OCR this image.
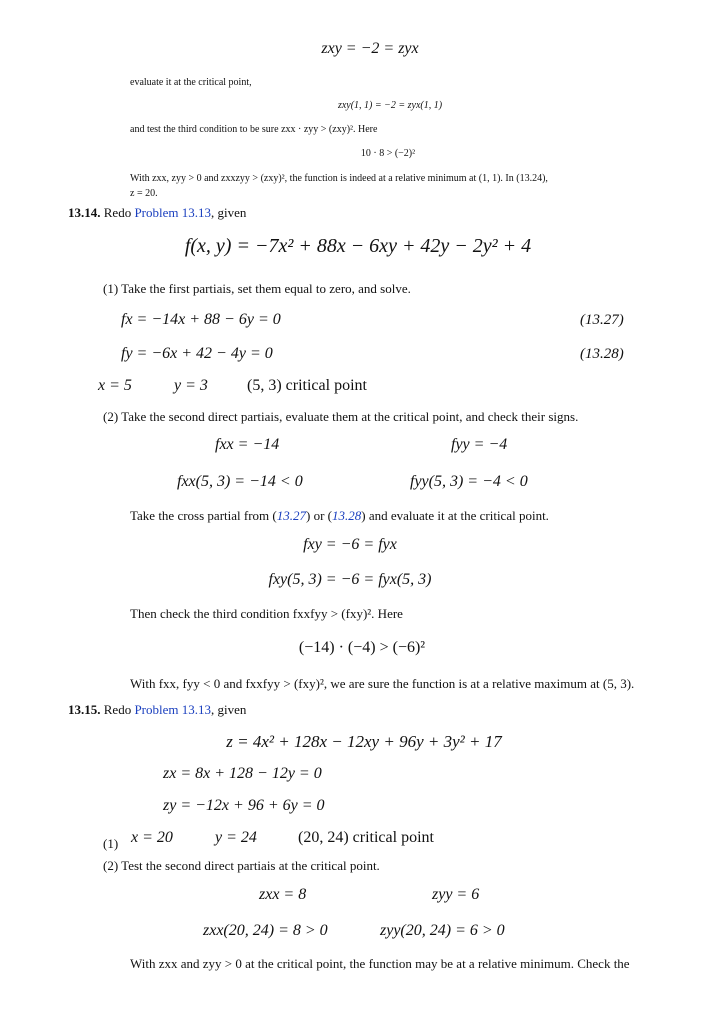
zxy = −2 = zyx
evaluate it at the critical point,
zxy(1, 1) = −2 = zyx(1, 1)
and test the third condition to be sure zxx · zyy > (zxy)². Here
10 · 8 > (−2)²
With zxx, zyy > 0 and zxxzyy > (zxy)², the function is indeed at a relative minimum at (1, 1). In (13.24),
z = 20.
13.14. Redo Problem 13.13, given
f(x, y) = −7x² + 88x − 6xy + 42y − 2y² + 4
(1) Take the first partiais, set them equal to zero, and solve.
fx = −14x + 88 − 6y = 0	(13.27)
fy = −6x + 42 − 4y = 0	(13.28)
x = 5	y = 3 (5, 3) critical point
(2) Take the second direct partiais, evaluate them at the critical point, and check their signs.
fxx = −14	fyy = −4
fxx(5, 3) = −14 < 0	fyy(5, 3) = −4 < 0
Take the cross partial from (13.27) or (13.28) and evaluate it at the critical point.
fxy = −6 = fyx
fxy(5, 3) = −6 = fyx(5, 3)
Then check the third condition fxxfyy > (fxy)². Here
(−14) · (−4) > (−6)²
With fxx, fyy < 0 and fxxfyy > (fxy)², we are sure the function is at a relative maximum at (5, 3).
13.15. Redo Problem 13.13, given
z = 4x² + 128x − 12xy + 96y + 3y² + 17
zx = 8x + 128 − 12y = 0
zy = −12x + 96 + 6y = 0
(1) x = 20	y = 24	(20, 24) critical point
(2) Test the second direct partiais at the critical point.
zxx = 8	zyy = 6
zxx(20, 24) = 8 > 0	zyy(20, 24) = 6 > 0
With zxx and zyy > 0 at the critical point, the function may be at a relative minimum. Check the
